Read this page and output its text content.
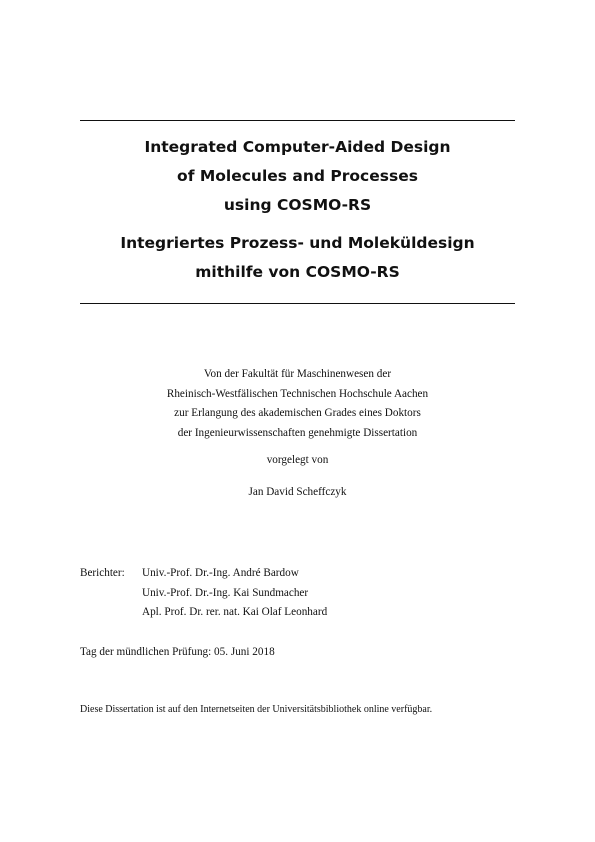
Integrated Computer-Aided Design
of Molecules and Processes
using COSMO-RS
Integriertes Prozess- und Moleküldesign
mithilfe von COSMO-RS
Von der Fakultät für Maschinenwesen der
Rheinisch-Westfälischen Technischen Hochschule Aachen
zur Erlangung des akademischen Grades eines Doktors
der Ingenieurwissenschaften genehmigte Dissertation
vorgelegt von
Jan David Scheffczyk
Berichter: Univ.-Prof. Dr.-Ing. André Bardow
Univ.-Prof. Dr.-Ing. Kai Sundmacher
Apl. Prof. Dr. rer. nat. Kai Olaf Leonhard
Tag der mündlichen Prüfung: 05. Juni 2018
Diese Dissertation ist auf den Internetseiten der Universitätsbibliothek online verfügbar.
